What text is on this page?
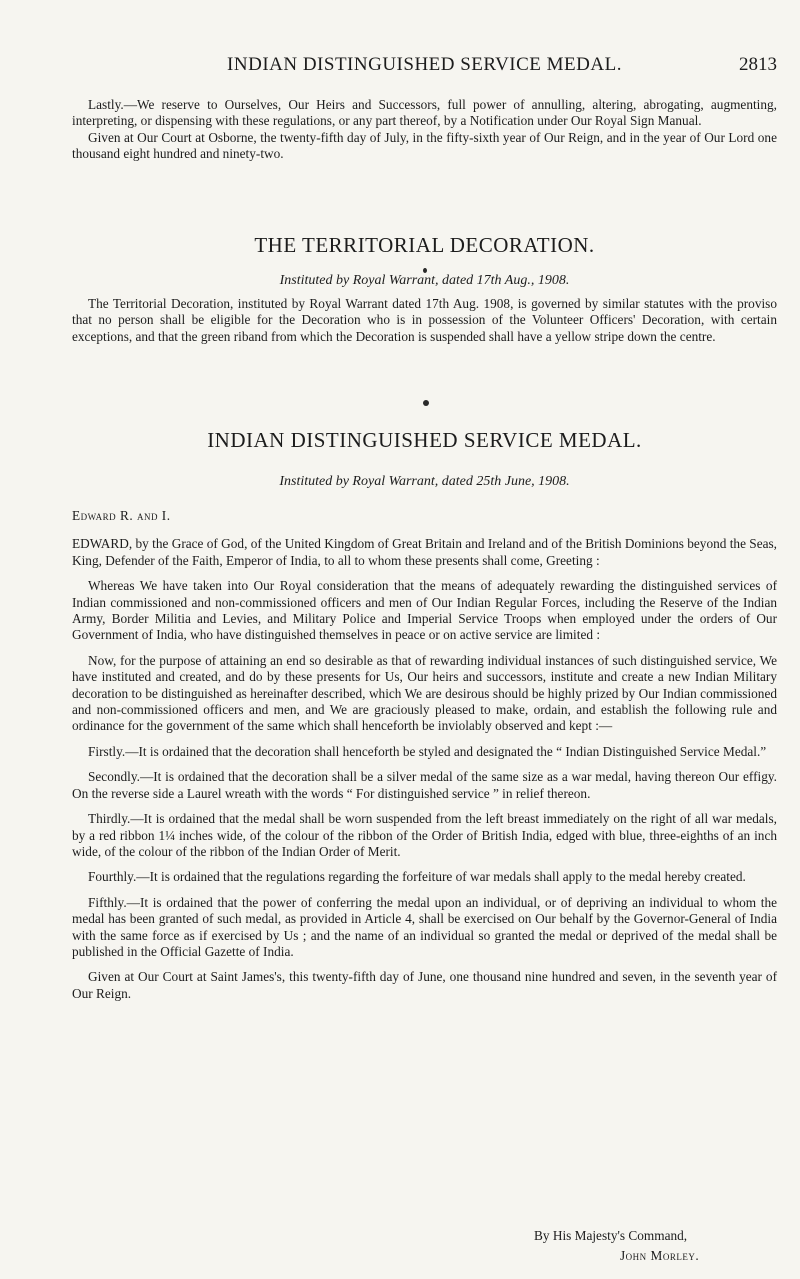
INDIAN DISTINGUISHED SERVICE MEDAL.	2813

Lastly.—We reserve to Ourselves, Our Heirs and Successors, full power of annulling, altering, abrogating, augmenting, interpreting, or dispensing with these regulations, or any part thereof, by a Notification under Our Royal Sign Manual.

Given at Our Court at Osborne, the twenty-fifth day of July, in the fifty-sixth year of Our Reign, and in the year of Our Lord one thousand eight hundred and ninety-two.

THE TERRITORIAL DECORATION.
Instituted by Royal Warrant, dated 17th Aug., 1908.

The Territorial Decoration, instituted by Royal Warrant dated 17th Aug. 1908, is governed by similar statutes with the proviso that no person shall be eligible for the Decoration who is in possession of the Volunteer Officers' Decoration, with certain exceptions, and that the green riband from which the Decoration is suspended shall have a yellow stripe down the centre.

INDIAN DISTINGUISHED SERVICE MEDAL.
Instituted by Royal Warrant, dated 25th June, 1908.

Edward R. and I.

EDWARD, by the Grace of God, of the United Kingdom of Great Britain and Ireland and of the British Dominions beyond the Seas, King, Defender of the Faith, Emperor of India, to all to whom these presents shall come, Greeting :

Whereas We have taken into Our Royal consideration that the means of adequately rewarding the distinguished services of Indian commissioned and non-commissioned officers and men of Our Indian Regular Forces, including the Reserve of the Indian Army, Border Militia and Levies, and Military Police and Imperial Service Troops when employed under the orders of Our Government of India, who have distinguished themselves in peace or on active service are limited :

Now, for the purpose of attaining an end so desirable as that of rewarding individual instances of such distinguished service, We have instituted and created, and do by these presents for Us, Our heirs and successors, institute and create a new Indian Military decoration to be distinguished as hereinafter described, which We are desirous should be highly prized by Our Indian commissioned and non-commissioned officers and men, and We are graciously pleased to make, ordain, and establish the following rule and ordinance for the government of the same which shall henceforth be inviolably observed and kept :—

Firstly.—It is ordained that the decoration shall henceforth be styled and designated the “ Indian Distinguished Service Medal.”

Secondly.—It is ordained that the decoration shall be a silver medal of the same size as a war medal, having thereon Our effigy. On the reverse side a Laurel wreath with the words “ For distinguished service ” in relief thereon.

Thirdly.—It is ordained that the medal shall be worn suspended from the left breast immediately on the right of all war medals, by a red ribbon 1¼ inches wide, of the colour of the ribbon of the Order of British India, edged with blue, three-eighths of an inch wide, of the colour of the ribbon of the Indian Order of Merit.

Fourthly.—It is ordained that the regulations regarding the forfeiture of war medals shall apply to the medal hereby created.

Fifthly.—It is ordained that the power of conferring the medal upon an individual, or of depriving an individual to whom the medal has been granted of such medal, as provided in Article 4, shall be exercised on Our behalf by the Governor-General of India with the same force as if exercised by Us ; and the name of an individual so granted the medal or deprived of the medal shall be published in the Official Gazette of India.

Given at Our Court at Saint James's, this twenty-fifth day of June, one thousand nine hundred and seven, in the seventh year of Our Reign.

By His Majesty's Command,
John Morley.
